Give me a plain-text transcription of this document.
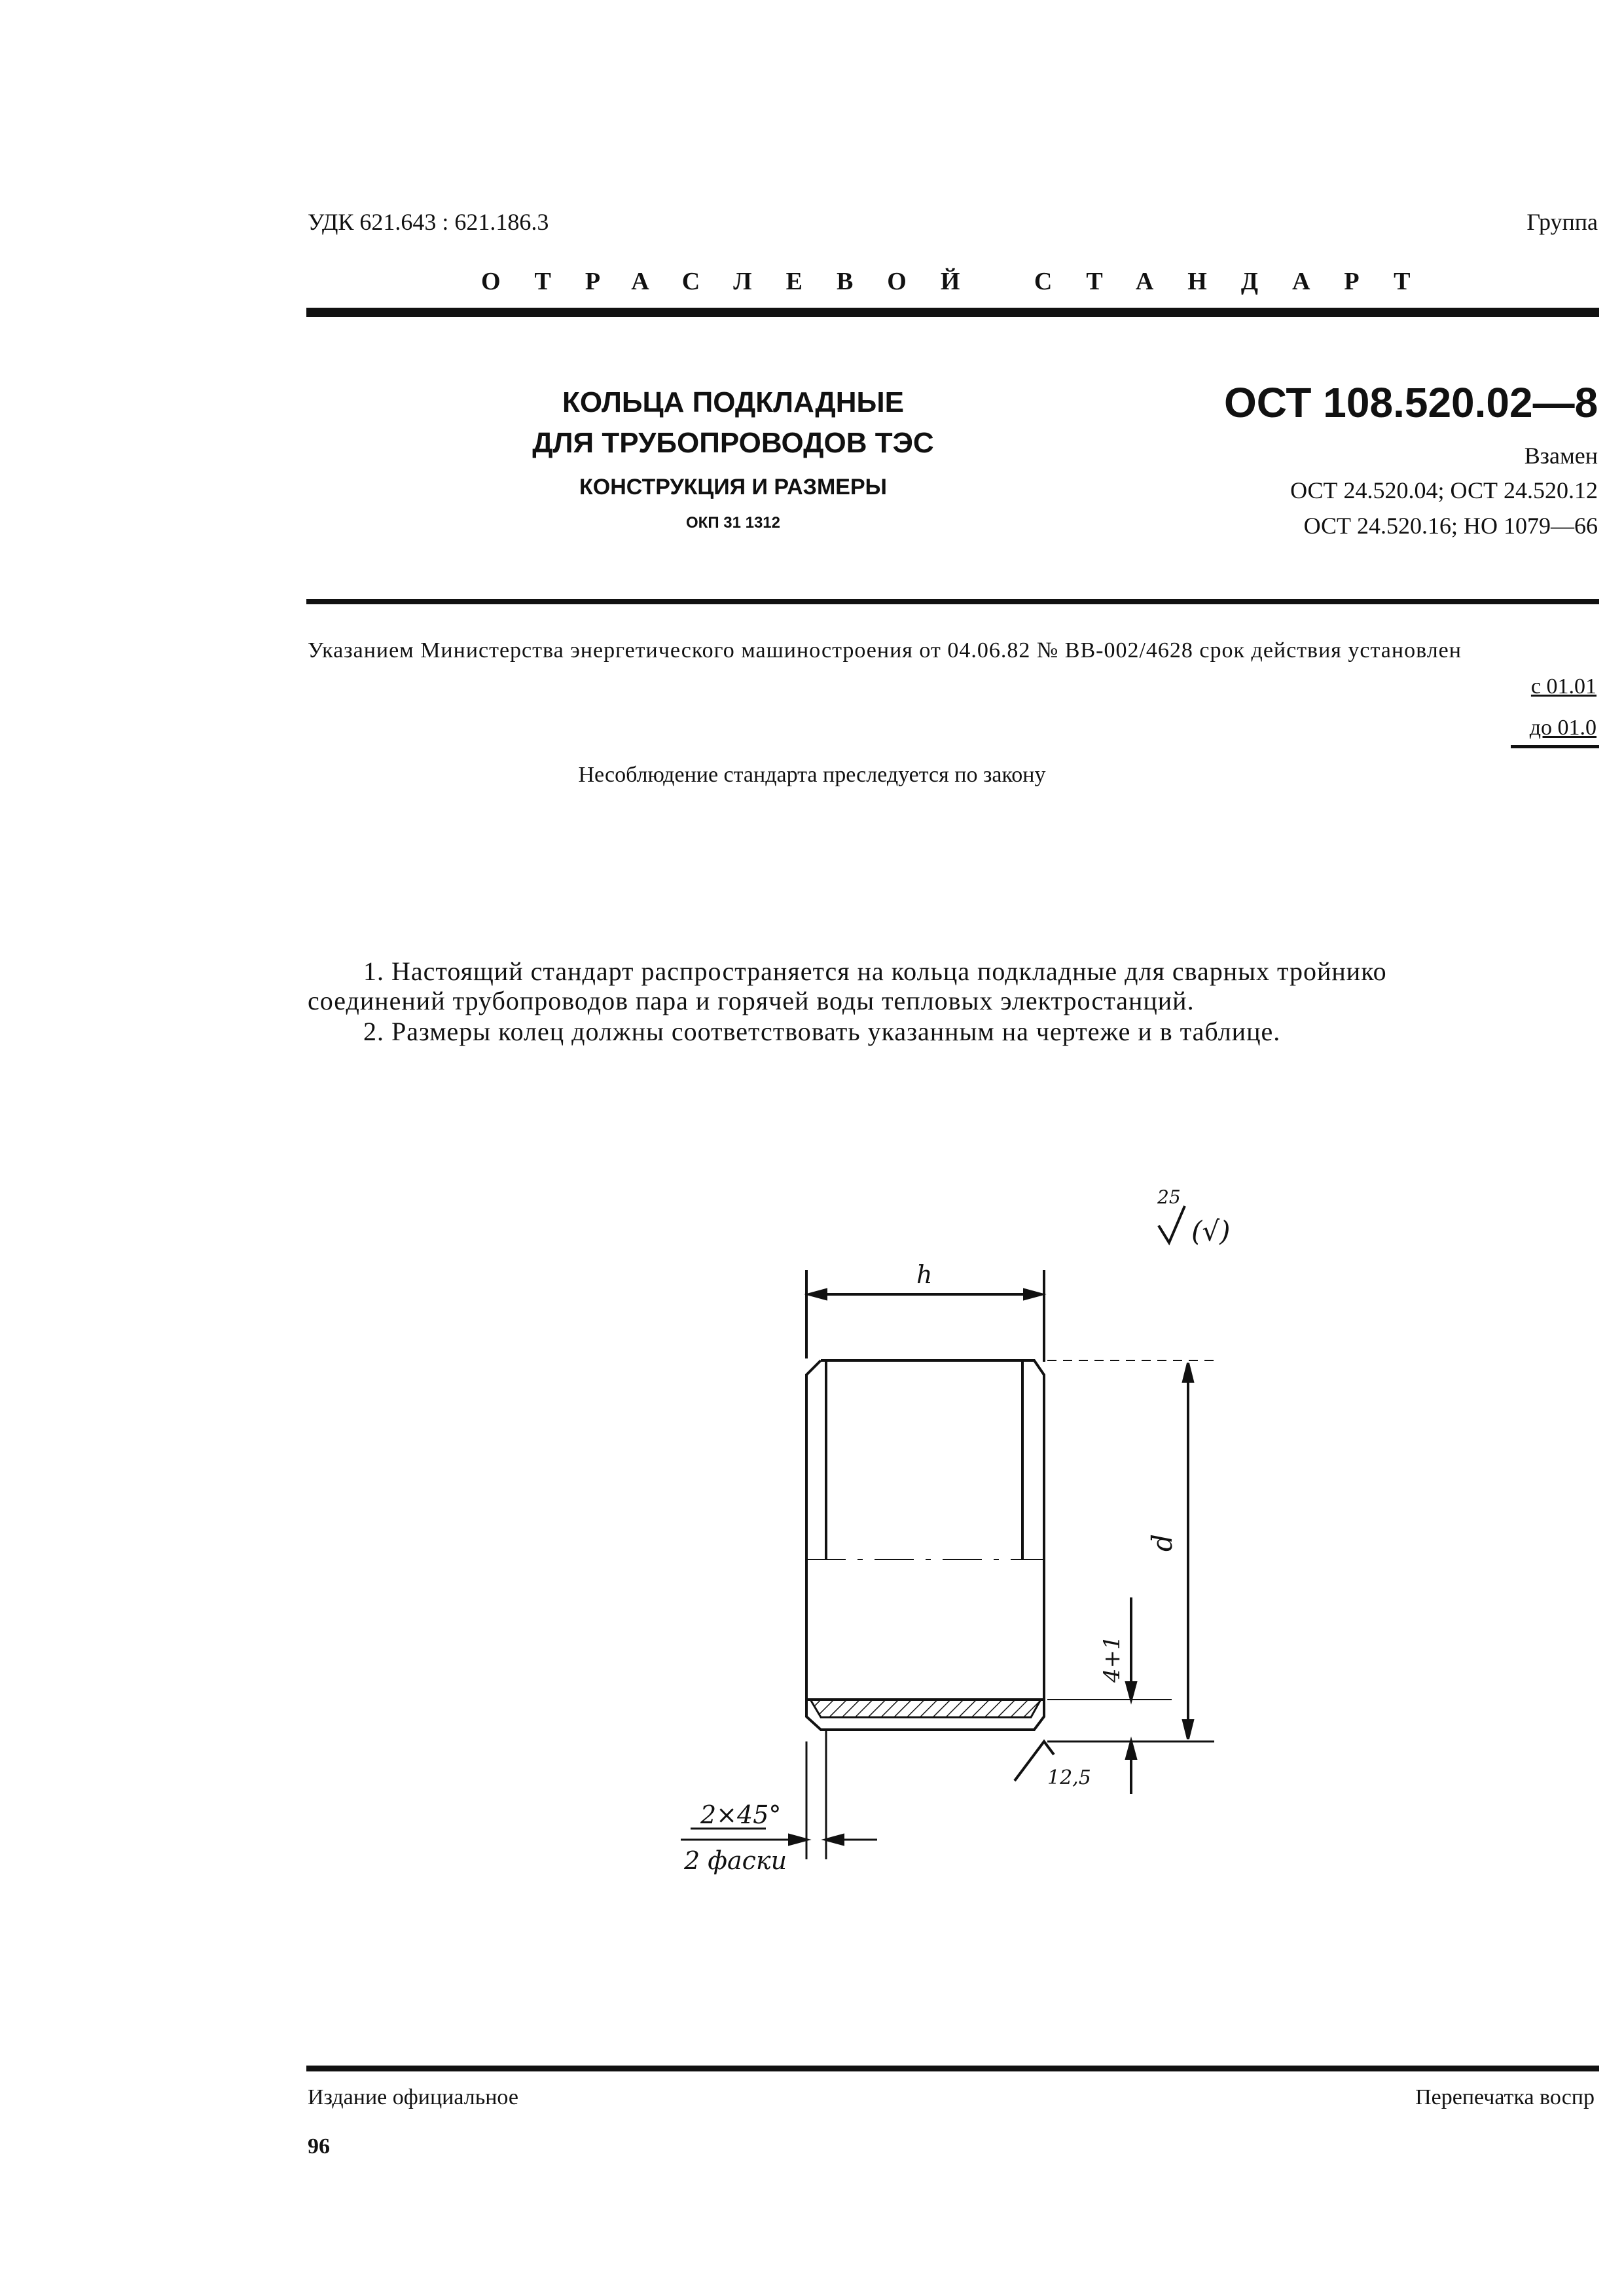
УДК 621.643 : 621.186.3	Группа
ОТРАСЛЕВОЙ СТАНДАРТ
КОЛЬЦА ПОДКЛАДНЫЕ
ДЛЯ ТРУБОПРОВОДОВ ТЭС
КОНСТРУКЦИЯ И РАЗМЕРЫ
ОКП 31 1312
ОСТ 108.520.02—8
Взамен
ОСТ 24.520.04; ОСТ 24.520.12
ОСТ 24.520.16; НО 1079—66
Указанием Министерства энергетического машиностроения от 04.06.82 № ВВ-002/4628 срок действия установлен
с 01.01
до 01.0
Несоблюдение стандарта преследуется по закону
1. Настоящий стандарт распространяется на кольца подкладные для сварных тройнико
соединений трубопроводов пара и горячей воды тепловых электростанций.
2. Размеры колец должны соответствовать указанным на чертеже и в таблице.
h
d
4+1
12,5
2×45°
2 фаски
25
(√)
Издание официальное	Перепечатка воспр
96
